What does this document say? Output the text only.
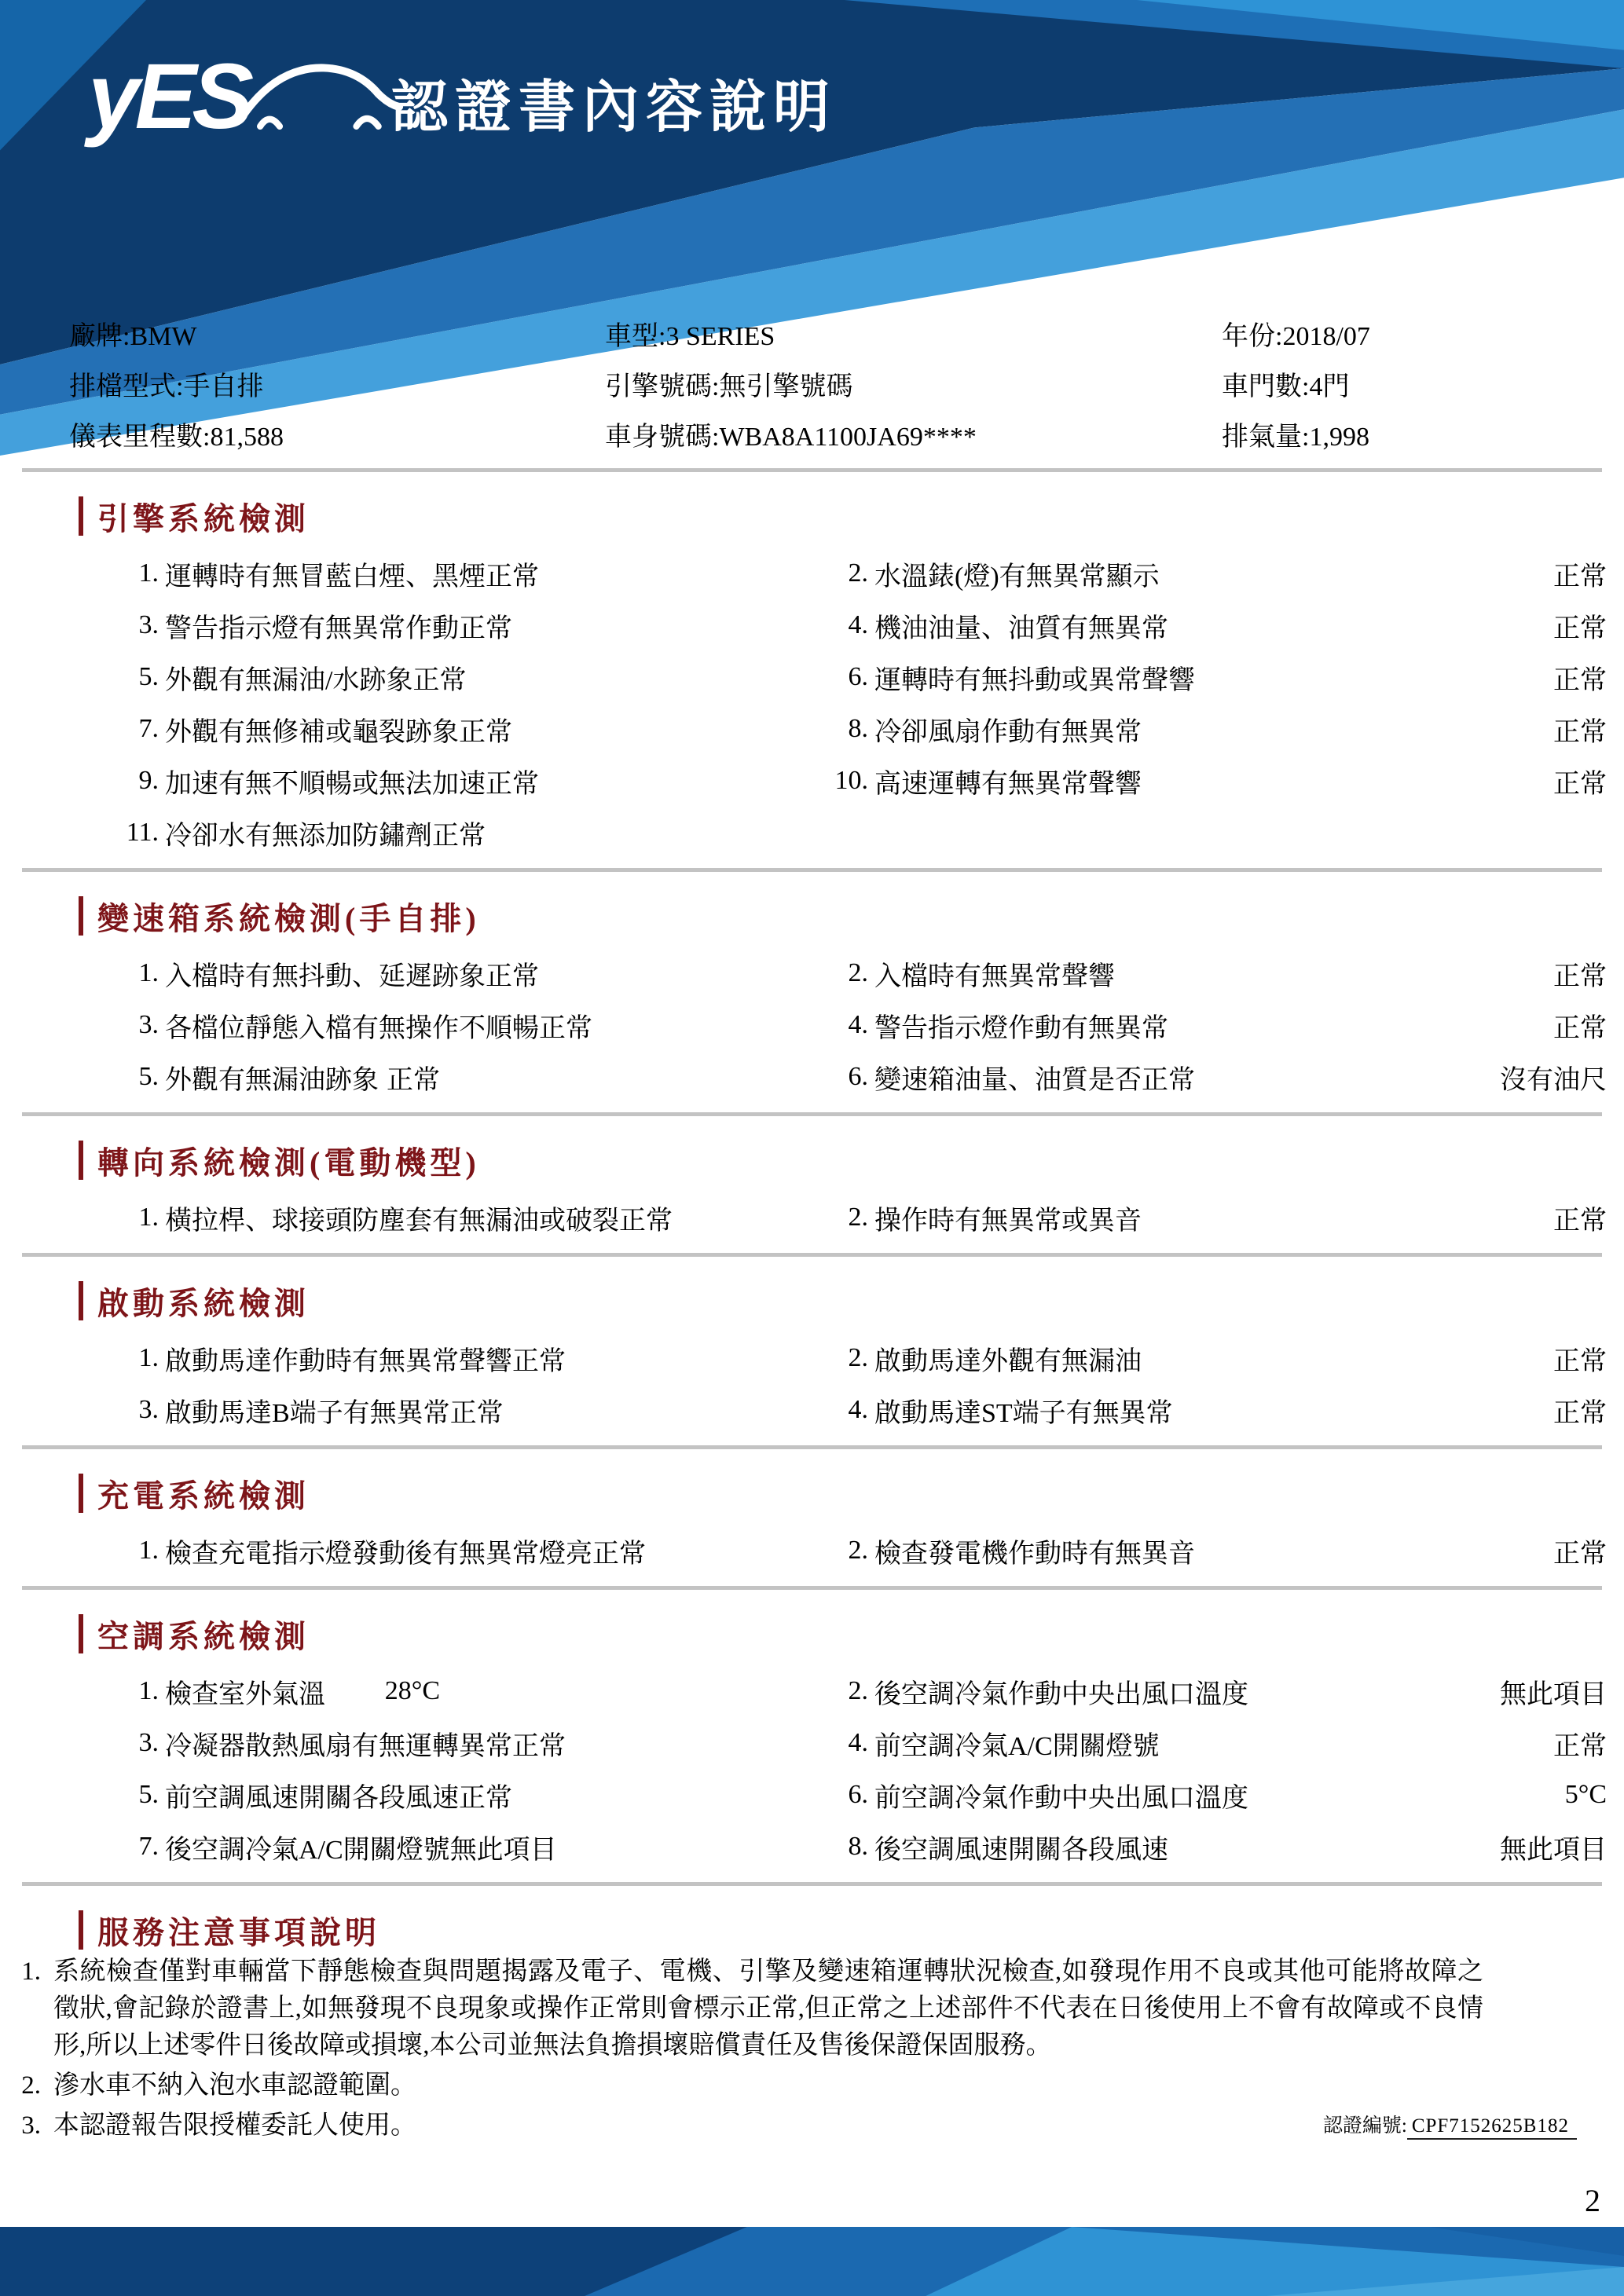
yES	認證書內容說明
廠牌:BMW	車型:3 SERIES	年份:2018/07
排檔型式:手自排	引擎號碼:無引擎號碼	車門數:4門
儀表里程數:81,588	車身號碼:WBA8A1100JA69****	排氣量:1,998
引擎系統檢測
1. 運轉時有無冒藍白煙、黑煙 正常	2. 水溫錶(燈)有無異常顯示	正常
3. 警告指示燈有無異常作動 正常	4. 機油油量、油質有無異常	正常
5. 外觀有無漏油/水跡象 正常	6. 運轉時有無抖動或異常聲響	正常
7. 外觀有無修補或龜裂跡象 正常	8. 冷卻風扇作動有無異常	正常
9. 加速有無不順暢或無法加速 正常	10. 高速運轉有無異常聲響	正常
11. 冷卻水有無添加防鏽劑 正常
變速箱系統檢測(手自排)
1. 入檔時有無抖動、延遲跡象 正常	2. 入檔時有無異常聲響	正常
3. 各檔位靜態入檔有無操作不順暢 正常	4. 警告指示燈作動有無異常	正常
5. 外觀有無漏油跡象 正常	6. 變速箱油量、油質是否正常	沒有油尺
轉向系統檢測(電動機型)
1. 橫拉桿、球接頭防塵套有無漏油或破裂 正常	2. 操作時有無異常或異音	正常
啟動系統檢測
1. 啟動馬達作動時有無異常聲響 正常	2. 啟動馬達外觀有無漏油	正常
3. 啟動馬達B端子有無異常 正常	4. 啟動馬達ST端子有無異常	正常
充電系統檢測
1. 檢查充電指示燈發動後有無異常燈亮 正常	2. 檢查發電機作動時有無異音	正常
空調系統檢測
1. 檢查室外氣溫 28°C	2. 後空調冷氣作動中央出風口溫度	無此項目
3. 冷凝器散熱風扇有無運轉異常 正常	4. 前空調冷氣A/C開關燈號	正常
5. 前空調風速開關各段風速 正常	6. 前空調冷氣作動中央出風口溫度	5°C
7. 後空調冷氣A/C開關燈號 無此項目	8. 後空調風速開關各段風速	無此項目
服務注意事項說明
1. 系統檢查僅對車輛當下靜態檢查與問題揭露及電子、電機、引擎及變速箱運轉狀況檢查,如發現作用不良或其他可能將故障之徵狀,會記錄於證書上,如無發現不良現象或操作正常則會標示正常,但正常之上述部件不代表在日後使用上不會有故障或不良情形,所以上述零件日後故障或損壞,本公司並無法負擔損壞賠償責任及售後保證保固服務。
2. 滲水車不納入泡水車認證範圍。
3. 本認證報告限授權委託人使用。	認證編號: CPF7152625B182
2
